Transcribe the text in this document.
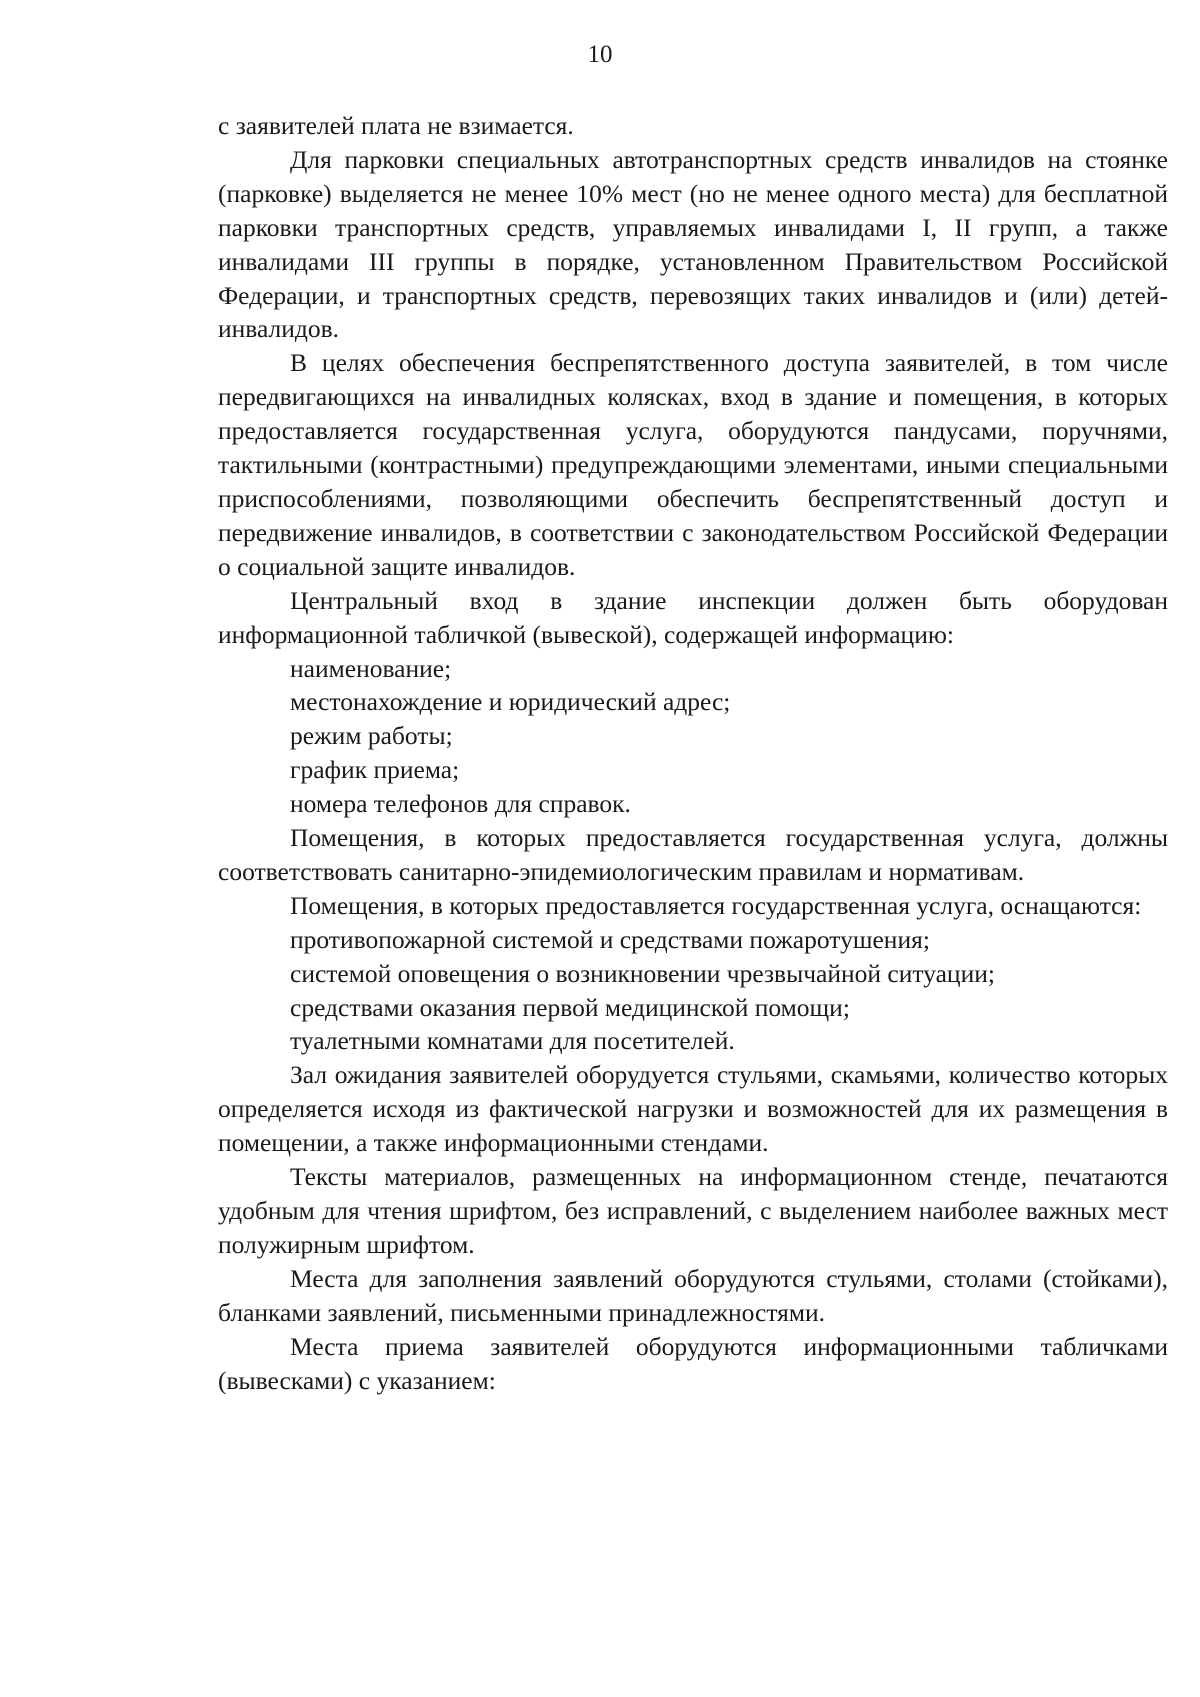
10

с заявителей плата не взимается.

Для парковки специальных автотранспортных средств инвалидов на стоянке (парковке) выделяется не менее 10% мест (но не менее одного места) для бесплатной парковки транспортных средств, управляемых инвалидами I, II групп, а также инвалидами III группы в порядке, установленном Правительством Российской Федерации, и транспортных средств, перевозящих таких инвалидов и (или) детей-инвалидов.

В целях обеспечения беспрепятственного доступа заявителей, в том числе передвигающихся на инвалидных колясках, вход в здание и помещения, в которых предоставляется государственная услуга, оборудуются пандусами, поручнями, тактильными (контрастными) предупреждающими элементами, иными специальными приспособлениями, позволяющими обеспечить беспрепятственный доступ и передвижение инвалидов, в соответствии с законодательством Российской Федерации о социальной защите инвалидов.

Центральный вход в здание инспекции должен быть оборудован информационной табличкой (вывеской), содержащей информацию:

наименование;

местонахождение и юридический адрес;

режим работы;

график приема;

номера телефонов для справок.

Помещения, в которых предоставляется государственная услуга, должны соответствовать санитарно-эпидемиологическим правилам и нормативам.

Помещения, в которых предоставляется государственная услуга, оснащаются:

противопожарной системой и средствами пожаротушения;

системой оповещения о возникновении чрезвычайной ситуации;

средствами оказания первой медицинской помощи;

туалетными комнатами для посетителей.

Зал ожидания заявителей оборудуется стульями, скамьями, количество которых определяется исходя из фактической нагрузки и возможностей для их размещения в помещении, а также информационными стендами.

Тексты материалов, размещенных на информационном стенде, печатаются удобным для чтения шрифтом, без исправлений, с выделением наиболее важных мест полужирным шрифтом.

Места для заполнения заявлений оборудуются стульями, столами (стойками), бланками заявлений, письменными принадлежностями.

Места приема заявителей оборудуются информационными табличками (вывесками) с указанием:
